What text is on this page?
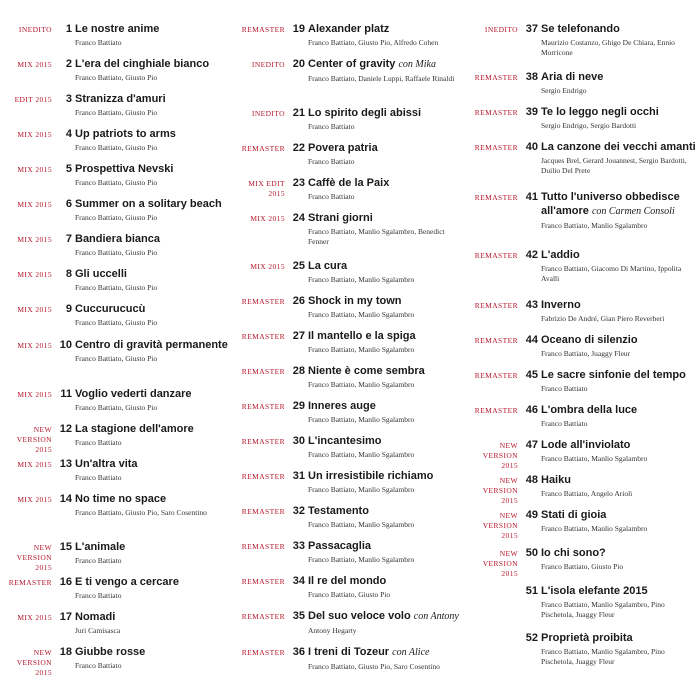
INEDITO	1 Le nostre anime
Franco Battiato
MIX 2015	2 L'era del cinghiale bianco
Franco Battiato, Giusto Pio
EDIT 2015	3 Stranizza d'amuri
Franco Battiato, Giusto Pio
MIX 2015	4 Up patriots to arms
Franco Battiato, Giusto Pio
MIX 2015	5 Prospettiva Nevski
Franco Battiato, Giusto Pio
MIX 2015	6 Summer on a solitary beach
Franco Battiato, Giusto Pio
MIX 2015	7 Bandiera bianca
Franco Battiato, Giusto Pio
MIX 2015	8 Gli uccelli
Franco Battiato, Giusto Pio
MIX 2015	9 Cuccurucucù
Franco Battiato, Giusto Pio
MIX 2015 10 Centro di gravità permanente
Franco Battiato, Giusto Pio
MIX 2015 11 Voglio vederti danzare
Franco Battiato, Giusto Pio
NEW VERSION 2015
12 La stagione dell'amore
Franco Battiato
MIX 2015 13 Un'altra vita
Franco Battiato
MIX 2015 14 No time no space
Franco Battiato, Giusto Pio, Saro Cosentino
NEW VERSION 2015
15 L'animale
Franco Battiato
REMASTER 16 E ti vengo a cercare
Franco Battiato
MIX 2015 17 Nomadi
Juri Camisasca
NEW VERSION 2015
18 Giubbe rosse
Franco Battiato
REMASTER 19 Alexander platz
Franco Battiato, Giusto Pio, Alfredo Cohen
INEDITO 20 Center of gravity con Mika
Franco Battiato, Daniele Luppi, Raffaele Rinaldi
INEDITO 21 Lo spirito degli abissi
Franco Battiato
REMASTER 22 Povera patria
Franco Battiato
MIX EDIT 2015
23 Caffè de la Paix
Franco Battiato
MIX 2015 24 Strani giorni
Franco Battiato, Manlio Sgalambro, Benedict Fenner
MIX 2015 25 La cura
Franco Battiato, Manlio Sgalambro
REMASTER 26 Shock in my town
Franco Battiato, Manlio Sgalambro
REMASTER 27 Il mantello e la spiga
Franco Battiato, Manlio Sgalambro
REMASTER 28 Niente è come sembra
Franco Battiato, Manlio Sgalambro
REMASTER 29 Inneres auge
Franco Battiato, Manlio Sgalambro
REMASTER 30 L'incantesimo
Franco Battiato, Manlio Sgalambro
REMASTER 31 Un irresistibile richiamo
Franco Battiato, Manlio Sgalambro
REMASTER 32 Testamento
Franco Battiato, Manlio Sgalambro
REMASTER 33 Passacaglia
Franco Battiato, Manlio Sgalambro
REMASTER 34 Il re del mondo
Franco Battiato, Giusto Pio
REMASTER 35 Del suo veloce volo con Antony
Antony Hegarty
REMASTER 36 I treni di Tozeur con Alice
Franco Battiato, Giusto Pio, Saro Cosentino
INEDITO 37 Se telefonando
Maurizio Costanzo, Ghigo De Chiara, Ennio Morricone
REMASTER 38 Aria di neve
Sergio Endrigo
REMASTER 39 Te lo leggo negli occhi
Sergio Endrigo, Sergio Bardotti
REMASTER 40 La canzone dei vecchi amanti
Jacques Brel, Gerard Jouannest, Sergio Bardotti, Duilio Del Prete
REMASTER 41 Tutto l'universo obbedisce all'amore con Carmen Consoli
Franco Battiato, Manlio Sgalambro
REMASTER 42 L'addio
Franco Battiato, Giacomo Di Martino, Ippolita Avalli
REMASTER 43 Inverno
Fabrizio De André, Gian Piero Reverberi
REMASTER 44 Oceano di silenzio
Franco Battiato, Juaggy Fleur
REMASTER 45 Le sacre sinfonie del tempo
Franco Battiato
REMASTER 46 L'ombra della luce
Franco Battiato
NEW VERSION 2015
47 Lode all'inviolato
Franco Battiato, Manlio Sgalambro
NEW VERSION 2015
48 Haiku
Franco Battiato, Angelo Arioli
NEW VERSION 2015
49 Stati di gioia
Franco Battiato, Manlio Sgalambro
NEW VERSION 2015
50 Io chi sono?
Franco Battiato, Giusto Pio
51 L'isola elefante 2015
Franco Battiato, Manlio Sgalambro, Pino Pischetola, Juaggy Fleur
52 Proprietà proibita
Franco Battiato, Manlio Sgalambro, Pino Pischetola, Juaggy Fleur
